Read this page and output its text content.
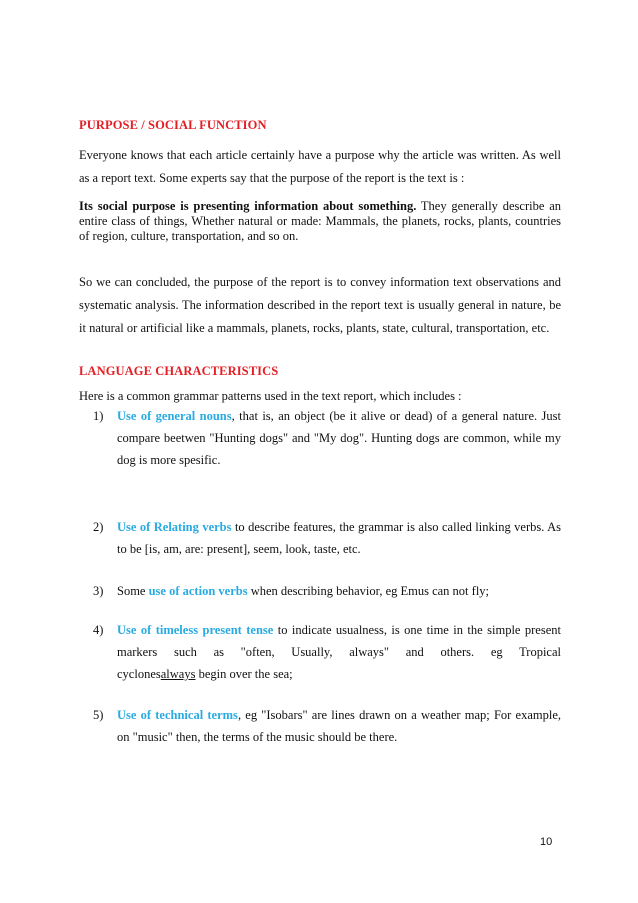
PURPOSE / SOCIAL FUNCTION
Everyone knows that each article certainly have a purpose why the article was written. As well as a report text. Some experts say that the purpose of the report is the text is :
Its social purpose is presenting information about something. They generally describe an entire class of things, Whether natural or made: Mammals, the planets, rocks, plants, countries of region, culture, transportation, and so on.
So we can concluded, the purpose of the report is to convey information text observations and systematic analysis. The information described in the report text is usually general in nature, be it natural or artificial like a mammals, planets, rocks, plants, state, cultural, transportation, etc.
LANGUAGE CHARACTERISTICS
Here is a common grammar patterns used in the text report, which includes :
1)	Use of general nouns, that is, an object (be it alive or dead) of a general nature. Just compare beetwen "Hunting dogs" and "My dog". Hunting dogs are common, while my dog is more spesific.
2)	Use of Relating verbs to describe features, the grammar is also called linking verbs. As to be [is, am, are: present], seem, look, taste, etc.
3)	Some use of action verbs when describing behavior, eg Emus can not fly;
4)	Use of timeless present tense to indicate usualness, is one time in the simple present markers such as "often, Usually, always" and others. eg Tropical
cyclonesalways begin over the sea;
5)	Use of technical terms, eg "Isobars" are lines drawn on a weather map; For example, on "music" then, the terms of the music should be there.
10
